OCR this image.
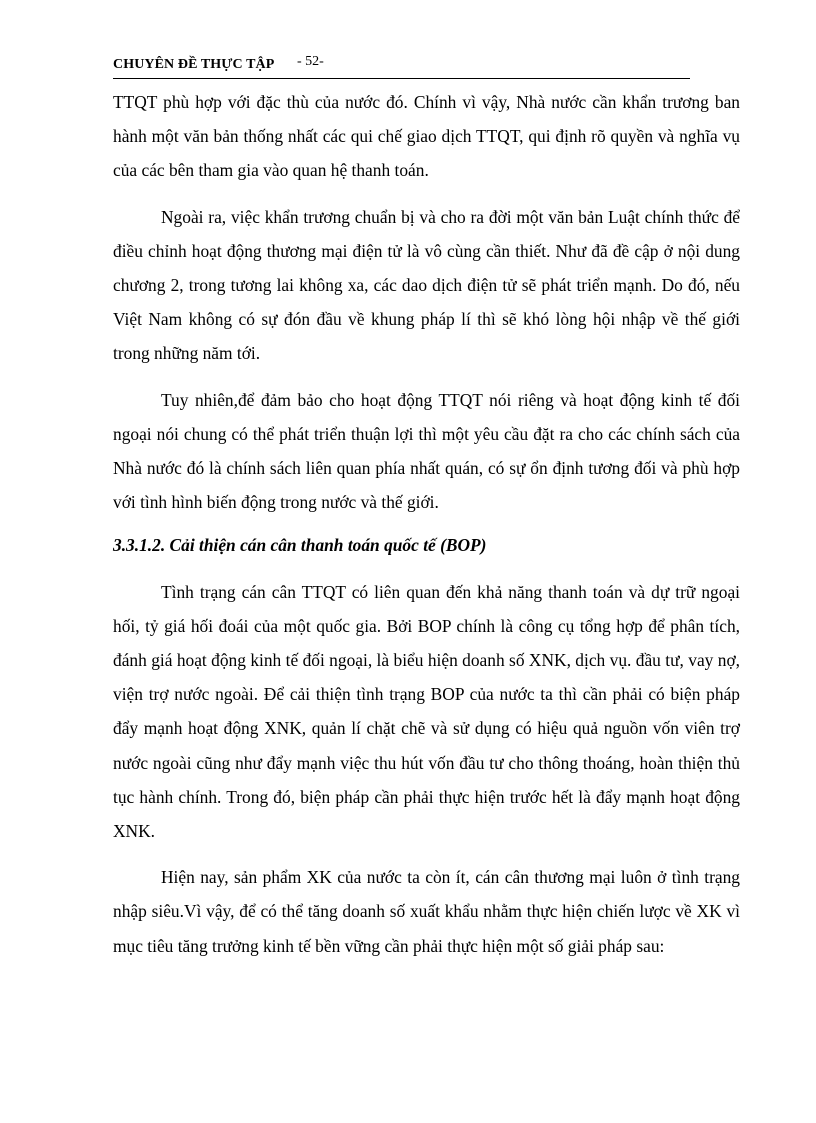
CHUYÊN ĐỀ THỰC TẬP - 52-

TTQT phù hợp với đặc thù của nước đó. Chính vì vậy, Nhà nước cần khẩn trương ban hành một văn bản thống nhất các qui chế giao dịch TTQT, qui định rõ quyền và nghĩa vụ của các bên tham gia vào quan hệ thanh toán.

Ngoài ra, việc khẩn trương chuẩn bị và cho ra đời một văn bản Luật chính thức để điều chỉnh hoạt động thương mại điện tử là vô cùng cần thiết. Như đã đề cập ở nội dung chương 2, trong tương lai không xa, các dao dịch điện tử sẽ phát triển mạnh. Do đó, nếu Việt Nam không có sự đón đầu về khung pháp lí thì sẽ khó lòng hội nhập về thế giới trong những năm tới.

Tuy nhiên,để đảm bảo cho hoạt động TTQT nói riêng và hoạt động kinh tế đối ngoại nói chung có thể phát triển thuận lợi thì một yêu cầu đặt ra cho các chính sách của Nhà nước đó là chính sách liên quan phía nhất quán, có sự ổn định tương đối và phù hợp với tình hình biến động trong nước và thế giới.

3.3.1.2. Cải thiện cán cân thanh toán quốc tế (BOP)

Tình trạng cán cân TTQT có liên quan đến khả năng thanh toán và dự trữ ngoại hối, tỷ giá hối đoái của một quốc gia. Bởi BOP chính là công cụ tổng hợp để phân tích, đánh giá hoạt động kinh tế đối ngoại, là biểu hiện doanh số XNK, dịch vụ. đầu tư, vay nợ, viện trợ nước ngoài. Để cải thiện tình trạng BOP của nước ta thì cần phải có biện pháp đẩy mạnh hoạt động XNK, quản lí chặt chẽ và sử dụng có hiệu quả nguồn vốn viên trợ nước ngoài cũng như đẩy mạnh việc thu hút vốn đầu tư cho thông thoáng, hoàn thiện thủ tục hành chính. Trong đó, biện pháp cần phải thực hiện trước hết là đẩy mạnh hoạt động XNK.

Hiện nay, sản phẩm XK của nước ta còn ít, cán cân thương mại luôn ở tình trạng nhập siêu.Vì vậy, để có thể tăng doanh số xuất khẩu nhằm thực hiện chiến lược về XK vì mục tiêu tăng trưởng kinh tế bền vững cần phải thực hiện một số giải pháp sau:
